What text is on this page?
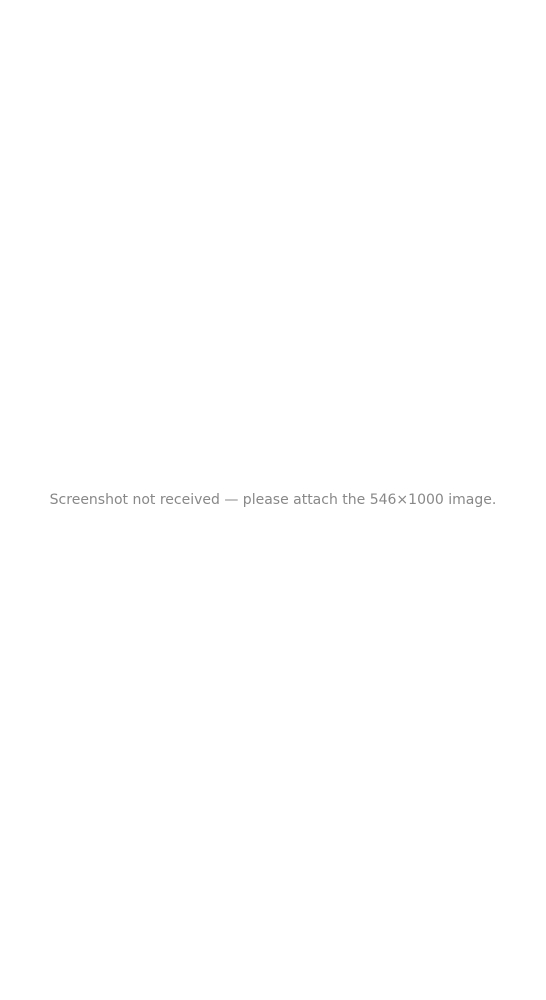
Screenshot not received — please attach the 546×1000 image.
